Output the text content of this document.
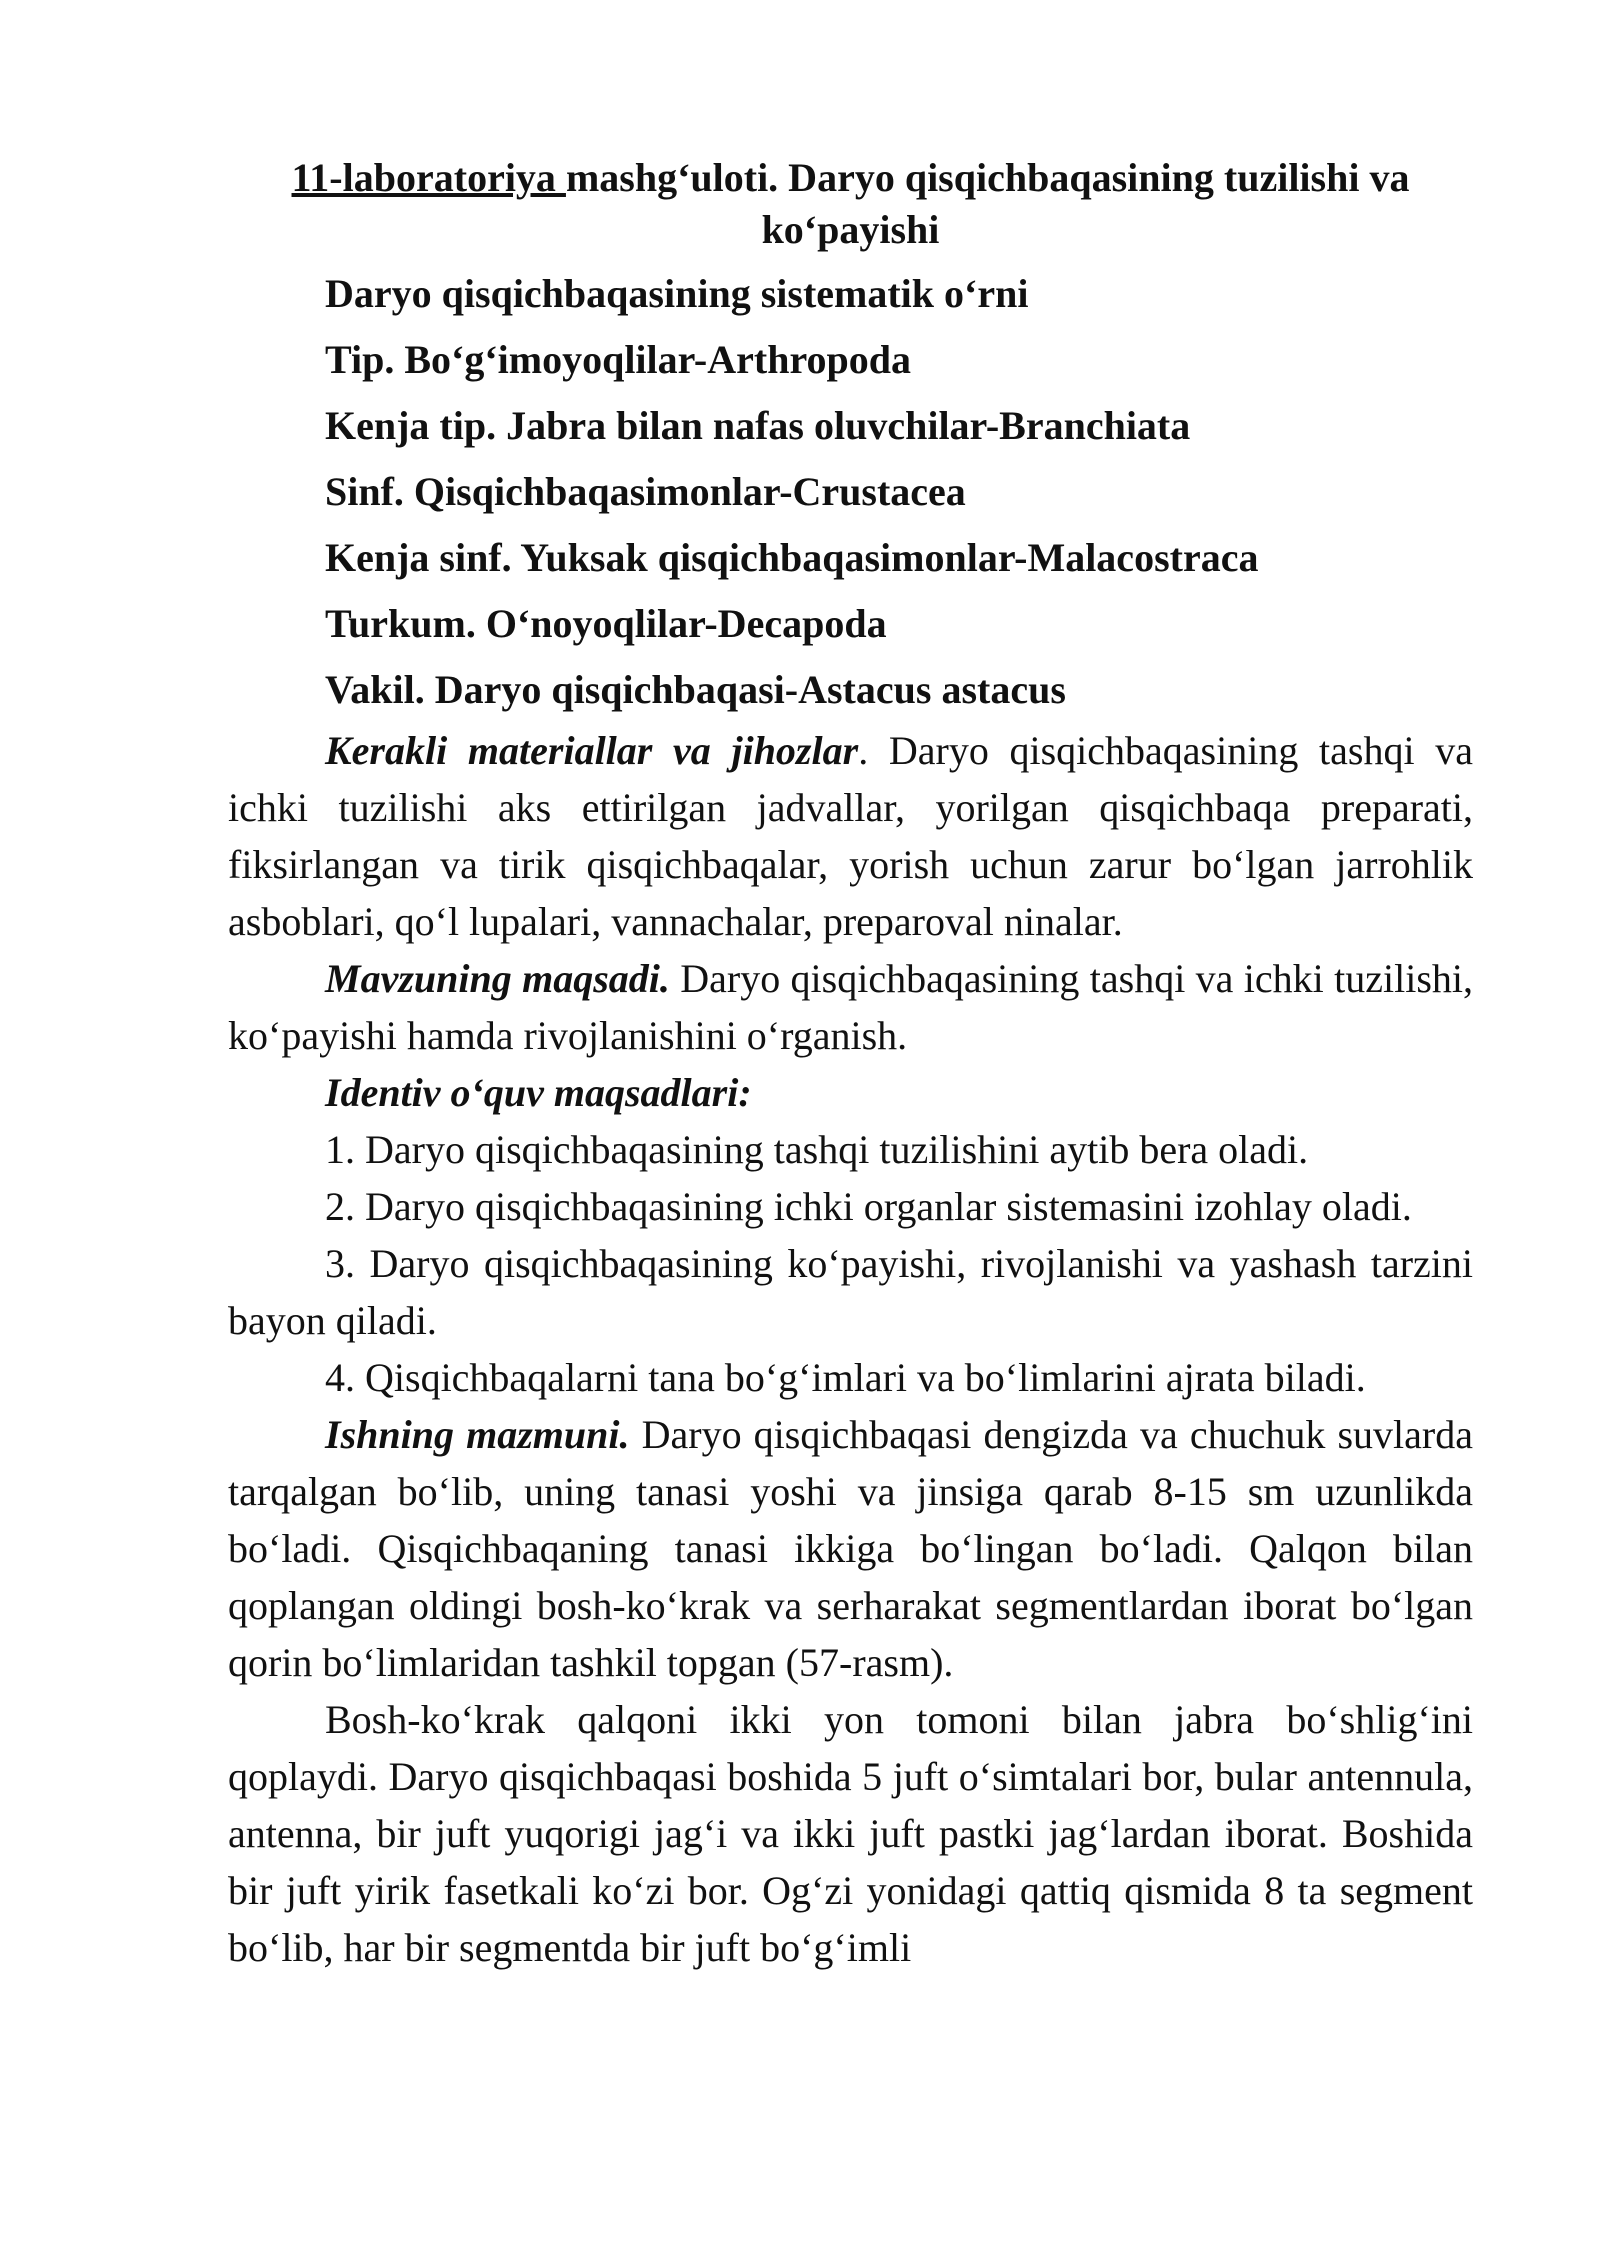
11-laboratoriya mashg‘uloti. Daryo qisqichbaqasining tuzilishi va ko‘payishi
Daryo qisqichbaqasining sistematik o‘rni
Tip. Bo‘g‘imoyoqlilar-Arthropoda
Kenja tip. Jabra bilan nafas oluvchilar-Branchiata
Sinf. Qisqichbaqasimonlar-Crustacea
Kenja sinf. Yuksak qisqichbaqasimonlar-Malacostraca
Turkum. O‘noyoqlilar-Decapoda
Vakil. Daryo qisqichbaqasi-Astacus astacus

Kerakli materiallar va jihozlar. Daryo qisqichbaqasining tashqi va ichki tuzilishi aks ettirilgan jadvallar, yorilgan qisqichbaqa preparati, fiksirlangan va tirik qisqichbaqalar, yorish uchun zarur bo‘lgan jarrohlik asboblari, qo‘l lupalari, vannachalar, preparoval ninalar.

Mavzuning maqsadi. Daryo qisqichbaqasining tashqi va ichki tuzilishi, ko‘payishi hamda rivojlanishini o‘rganish.

Identiv o‘quv maqsadlari:

1. Daryo qisqichbaqasining tashqi tuzilishini aytib bera oladi.

2. Daryo qisqichbaqasining ichki organlar sistemasini izohlay oladi.

3. Daryo qisqichbaqasining ko‘payishi, rivojlanishi va yashash tarzini bayon qiladi.

4. Qisqichbaqalarni tana bo‘g‘imlari va bo‘limlarini ajrata biladi.

Ishning mazmuni. Daryo qisqichbaqasi dengizda va chuchuk suvlarda tarqalgan bo‘lib, uning tanasi yoshi va jinsiga qarab 8-15 sm uzunlikda bo‘ladi. Qisqichbaqaning tanasi ikkiga bo‘lingan bo‘ladi. Qalqon bilan qoplangan oldingi bosh-ko‘krak va serharakat segmentlardan iborat bo‘lgan qorin bo‘limlaridan tashkil topgan (57-rasm).

Bosh-ko‘krak qalqoni ikki yon tomoni bilan jabra bo‘shlig‘ini qoplaydi. Daryo qisqichbaqasi boshida 5 juft o‘simtalari bor, bular antennula, antenna, bir juft yuqorigi jag‘i va ikki juft pastki jag‘lardan iborat. Boshida bir juft yirik fasetkali ko‘zi bor. Og‘zi yonidagi qattiq qismida 8 ta segment bo‘lib, har bir segmentda bir juft bo‘g‘imli
